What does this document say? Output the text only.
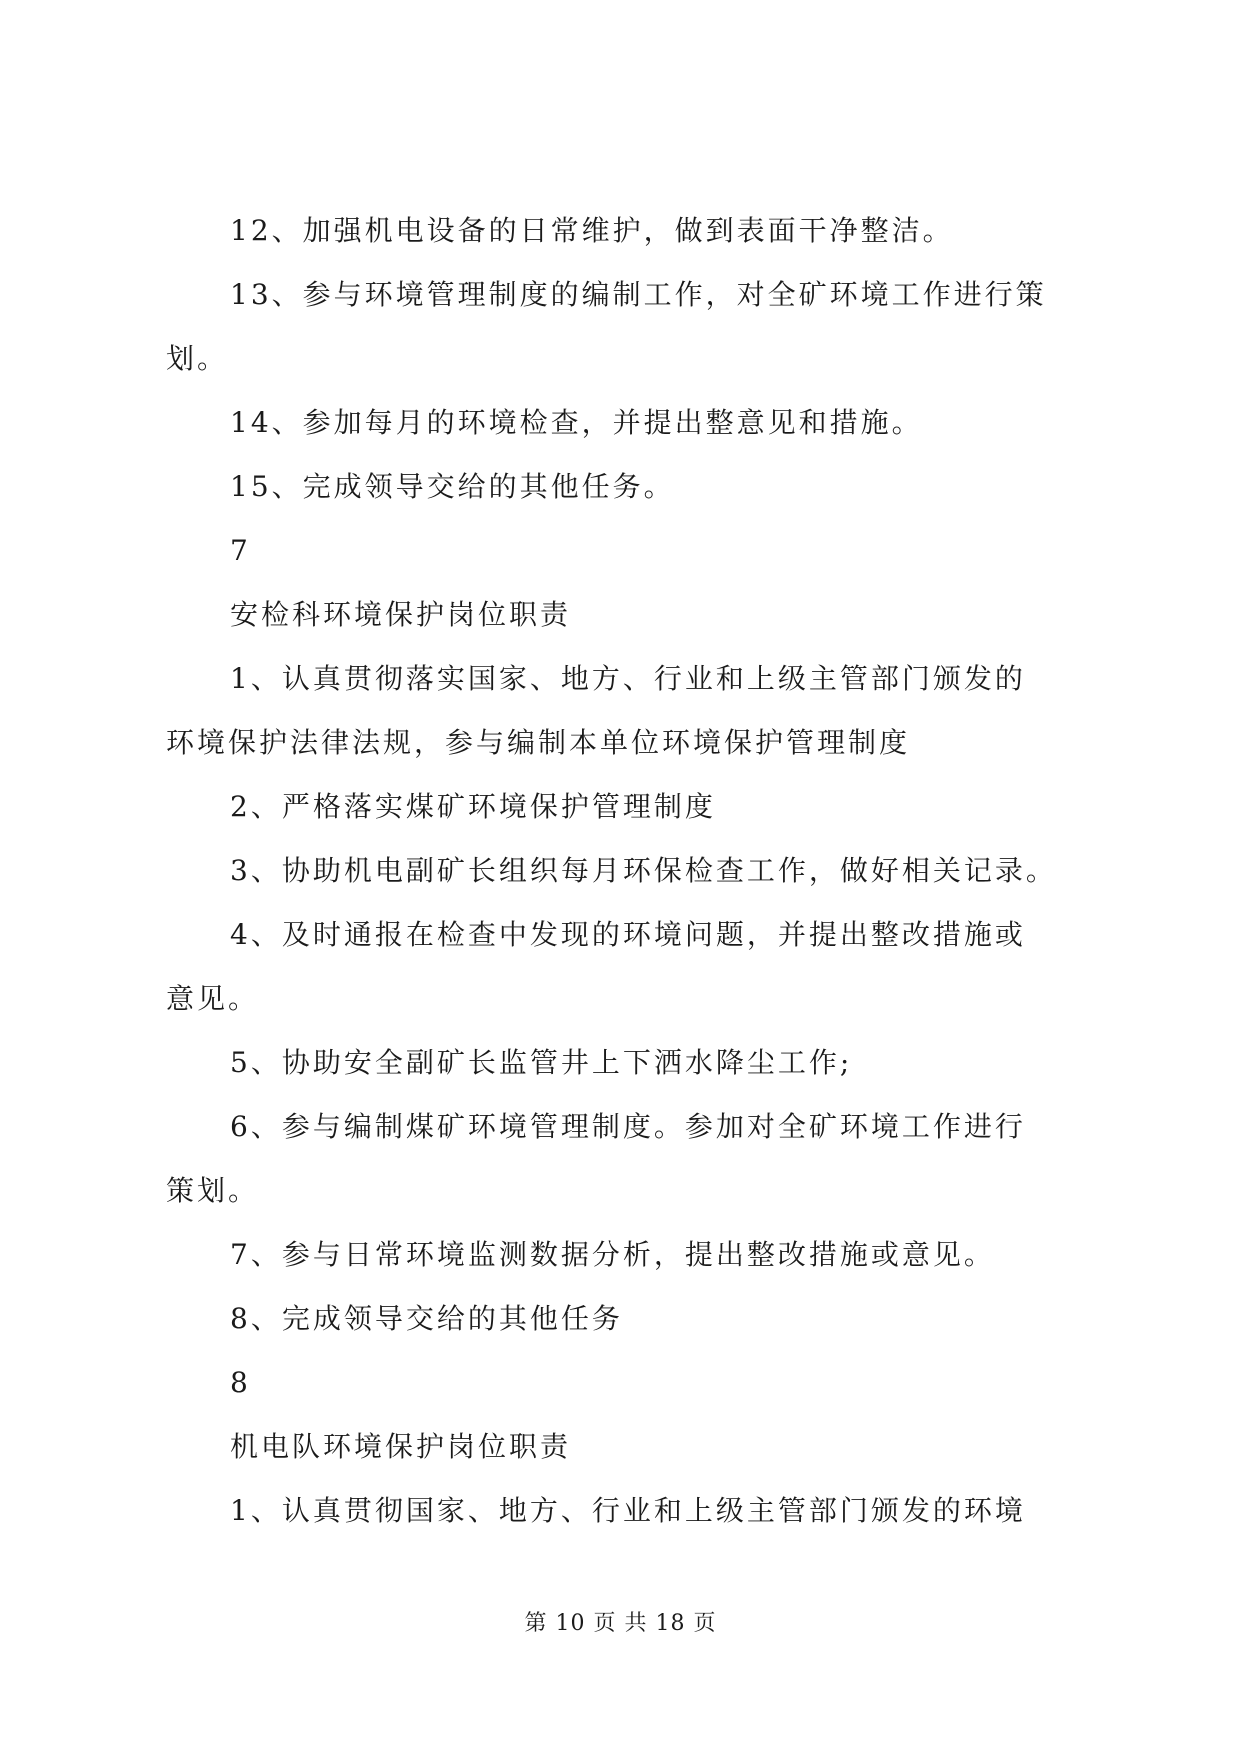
12、加强机电设备的日常维护，做到表面干净整洁。
13、参与环境管理制度的编制工作，对全矿环境工作进行策
划。
14、参加每月的环境检查，并提出整意见和措施。
15、完成领导交给的其他任务。
7
安检科环境保护岗位职责
1、认真贯彻落实国家、地方、行业和上级主管部门颁发的
环境保护法律法规，参与编制本单位环境保护管理制度
2、严格落实煤矿环境保护管理制度
3、协助机电副矿长组织每月环保检查工作，做好相关记录。
4、及时通报在检查中发现的环境问题，并提出整改措施或
意见。
5、协助安全副矿长监管井上下洒水降尘工作;
6、参与编制煤矿环境管理制度。参加对全矿环境工作进行
策划。
7、参与日常环境监测数据分析，提出整改措施或意见。
8、完成领导交给的其他任务
8
机电队环境保护岗位职责
1、认真贯彻国家、地方、行业和上级主管部门颁发的环境
第 10 页 共 18 页
